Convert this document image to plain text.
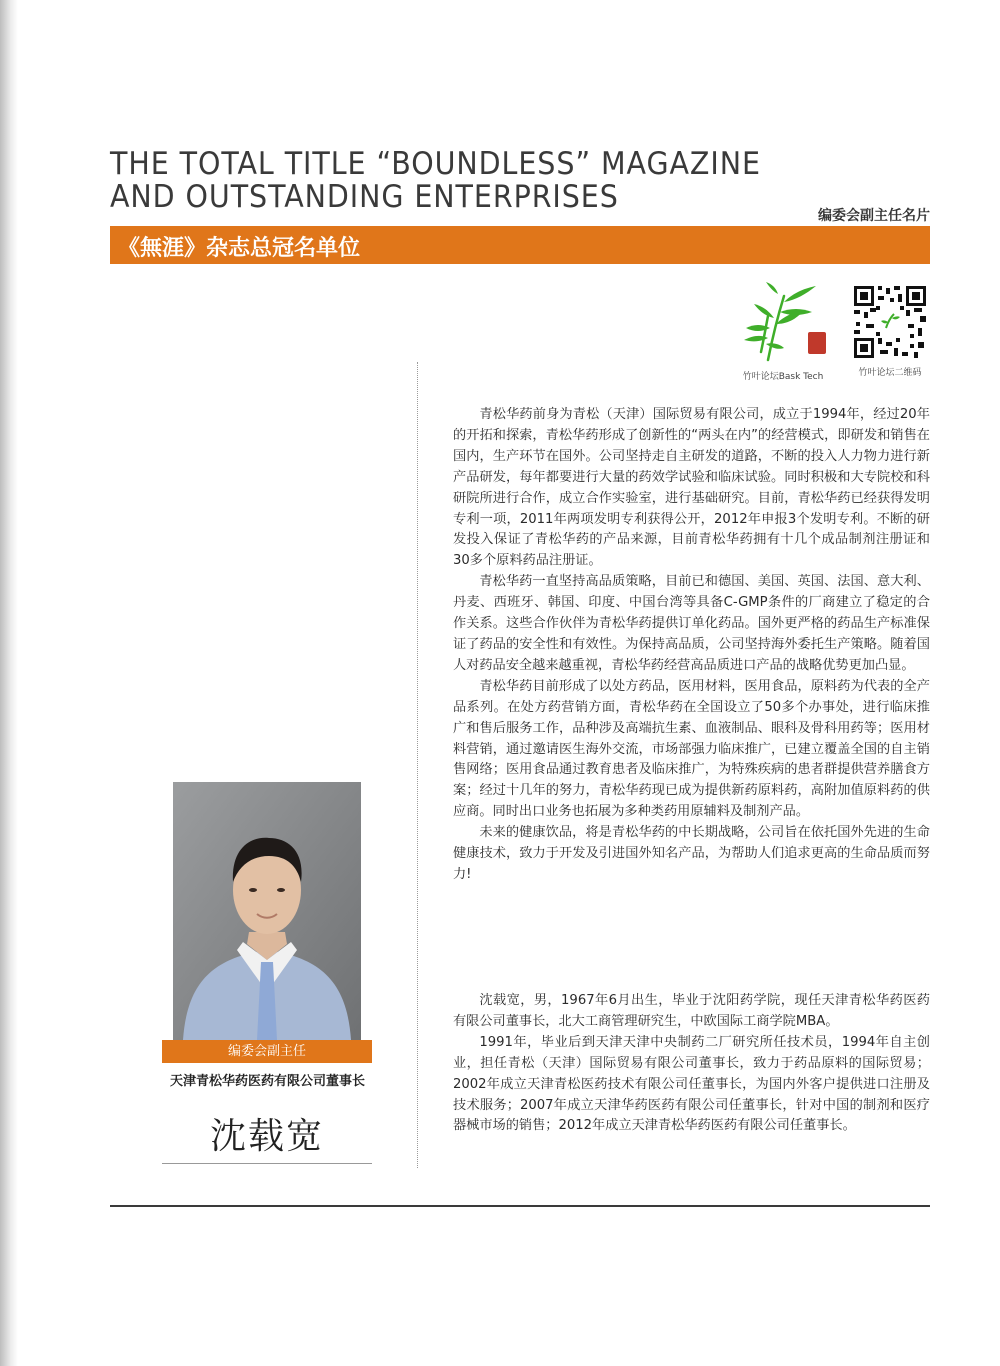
THE TOTAL TITLE “BOUNDLESS” MAGAZINE
AND OUTSTANDING ENTERPRISES
编委会副主任名片
《無涯》杂志总冠名单位
竹叶论坛Bask Tech	竹叶论坛二维码
编委会副主任
天津青松华药医药有限公司董事长
沈载宽

青松华药前身为青松（天津）国际贸易有限公司，成立于1994年，经过20年的开拓和探索，青松华药形成了创新性的“两头在内”的经营模式，即研发和销售在国内，生产环节在国外。公司坚持走自主研发的道路，不断的投入人力物力进行新产品研发，每年都要进行大量的药效学试验和临床试验。同时积极和大专院校和科研院所进行合作，成立合作实验室，进行基础研究。目前，青松华药已经获得发明专利一项，2011年两项发明专利获得公开，2012年申报3个发明专利。不断的研发投入保证了青松华药的产品来源，目前青松华药拥有十几个成品制剂注册证和30多个原料药品注册证。

青松华药一直坚持高品质策略，目前已和德国、美国、英国、法国、意大利、丹麦、西班牙、韩国、印度、中国台湾等具备C-GMP条件的厂商建立了稳定的合作关系。这些合作伙伴为青松华药提供订单化药品。国外更严格的药品生产标准保证了药品的安全性和有效性。为保持高品质，公司坚持海外委托生产策略。随着国人对药品安全越来越重视，青松华药经营高品质进口产品的战略优势更加凸显。

青松华药目前形成了以处方药品，医用材料，医用食品，原料药为代表的全产品系列。在处方药营销方面，青松华药在全国设立了50多个办事处，进行临床推广和售后服务工作，品种涉及高端抗生素、血液制品、眼科及骨科用药等；医用材料营销，通过邀请医生海外交流，市场部强力临床推广，已建立覆盖全国的自主销售网络；医用食品通过教育患者及临床推广，为特殊疾病的患者群提供营养膳食方案；经过十几年的努力，青松华药现已成为提供新药原料药，高附加值原料药的供应商。同时出口业务也拓展为多种类药用原辅料及制剂产品。

未来的健康饮品，将是青松华药的中长期战略，公司旨在依托国外先进的生命健康技术，致力于开发及引进国外知名产品，为帮助人们追求更高的生命品质而努力!

沈载宽，男，1967年6月出生，毕业于沈阳药学院，现任天津青松华药医药有限公司董事长，北大工商管理研究生，中欧国际工商学院MBA。

1991年，毕业后到天津天津中央制药二厂研究所任技术员，1994年自主创业，担任青松（天津）国际贸易有限公司董事长，致力于药品原料的国际贸易；2002年成立天津青松医药技术有限公司任董事长，为国内外客户提供进口注册及技术服务；2007年成立天津华药医药有限公司任董事长，针对中国的制剂和医疗器械市场的销售；2012年成立天津青松华药医药有限公司任董事长。
